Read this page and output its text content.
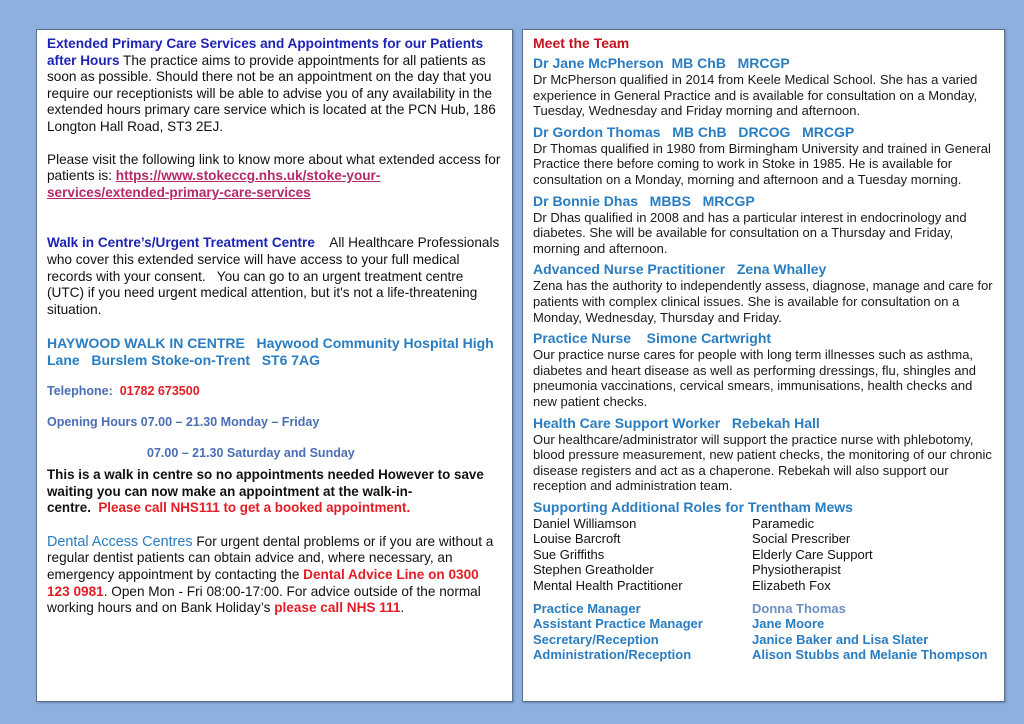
Extended Primary Care Services and Appointments for our Patients after Hours The practice aims to provide appointments for all patients as soon as possible. Should there not be an appointment on the day that you require our receptionists will be able to advise you of any availability in the extended hours primary care service which is located at the PCN Hub, 186 Longton Hall Road, ST3 2EJ.

Please visit the following link to know more about what extended access for patients is: https://www.stokeccg.nhs.uk/stoke-your-services/extended-primary-care-services

Walk in Centre’s/Urgent Treatment Centre    All Healthcare Professionals who cover this extended service will have access to your full medical records with your consent.   You can go to an urgent treatment centre (UTC) if you need urgent medical attention, but it's not a life-threatening situation.

HAYWOOD WALK IN CENTRE   Haywood Community Hospital High Lane   Burslem Stoke-on-Trent   ST6 7AG

Telephone: 01782 673500

Opening Hours 07.00 – 21.30 Monday – Friday

07.00 – 21.30 Saturday and Sunday

This is a walk in centre so no appointments needed However to save waiting you can now make an appointment at the walk-in-centre. Please call NHS111 to get a booked appointment.

Dental Access Centres For urgent dental problems or if you are without a regular dentist patients can obtain advice and, where necessary, an emergency appointment by contacting the Dental Advice Line on 0300 123 0981. Open Mon - Fri 08:00-17:00. For advice outside of the normal working hours and on Bank Holiday’s please call NHS 111.

Meet the Team

Dr Jane McPherson  MB ChB   MRCGP

Dr McPherson qualified in 2014 from Keele Medical School. She has a varied experience in General Practice and is available for consultation on a Monday, Tuesday, Wednesday and Friday morning and afternoon.

Dr Gordon Thomas   MB ChB   DRCOG   MRCGP

Dr Thomas qualified in 1980 from Birmingham University and trained in General Practice there before coming to work in Stoke in 1985. He is available for consultation on a Monday, morning and afternoon and a Tuesday morning.

Dr Bonnie Dhas   MBBS   MRCGP

Dr Dhas qualified in 2008 and has a particular interest in endocrinology and diabetes. She will be available for consultation on a Thursday and Friday, morning and afternoon.

Advanced Nurse Practitioner   Zena Whalley

Zena has the authority to independently assess, diagnose, manage and care for patients with complex clinical issues. She is available for consultation on a Monday, Wednesday, Thursday and Friday.

Practice Nurse    Simone Cartwright

Our practice nurse cares for people with long term illnesses such as asthma, diabetes and heart disease as well as performing dressings, flu, shingles and pneumonia vaccinations, cervical smears, immunisations, health checks and new patient checks.

Health Care Support Worker   Rebekah Hall

Our healthcare/administrator will support the practice nurse with phlebotomy, blood pressure measurement, new patient checks, the monitoring of our chronic disease registers and act as a chaperone. Rebekah will also support our reception and administration team.

Supporting Additional Roles for Trentham Mews

Daniel Williamson	Paramedic
Louise Barcroft	Social Prescriber
Sue Griffiths	Elderly Care Support
Stephen Greatholder	Physiotherapist
Mental Health Practitioner	Elizabeth Fox
Practice Manager	Donna Thomas
Assistant Practice Manager	Jane Moore
Secretary/Reception	Janice Baker and Lisa Slater
Administration/Reception	Alison Stubbs and Melanie Thompson
